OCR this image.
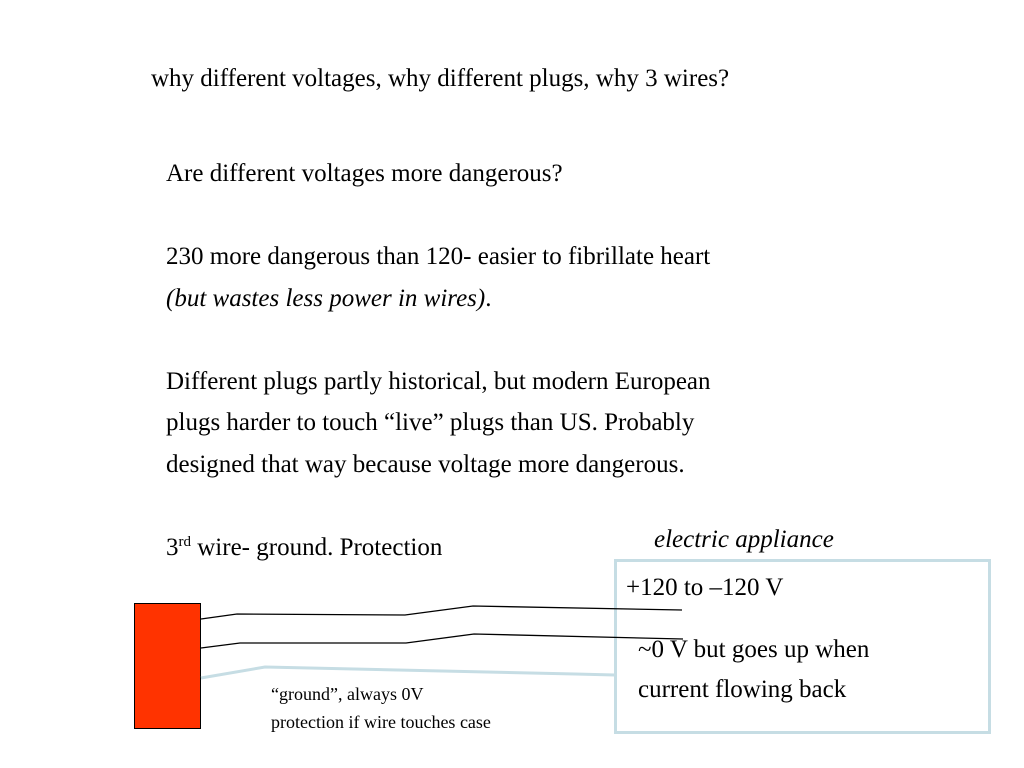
why different voltages, why different plugs, why 3 wires?

Are different voltages more dangerous?

230 more dangerous than 120- easier to fibrillate heart

(but wastes less power in wires).

Different plugs partly historical, but modern European

plugs harder to touch “live” plugs than US. Probably

designed that way because voltage more dangerous.

3rd wire- ground. Protection	electric appliance
+120 to –120 V
~0 V but goes up when
current flowing back
“ground”, always 0V
protection if wire touches case
